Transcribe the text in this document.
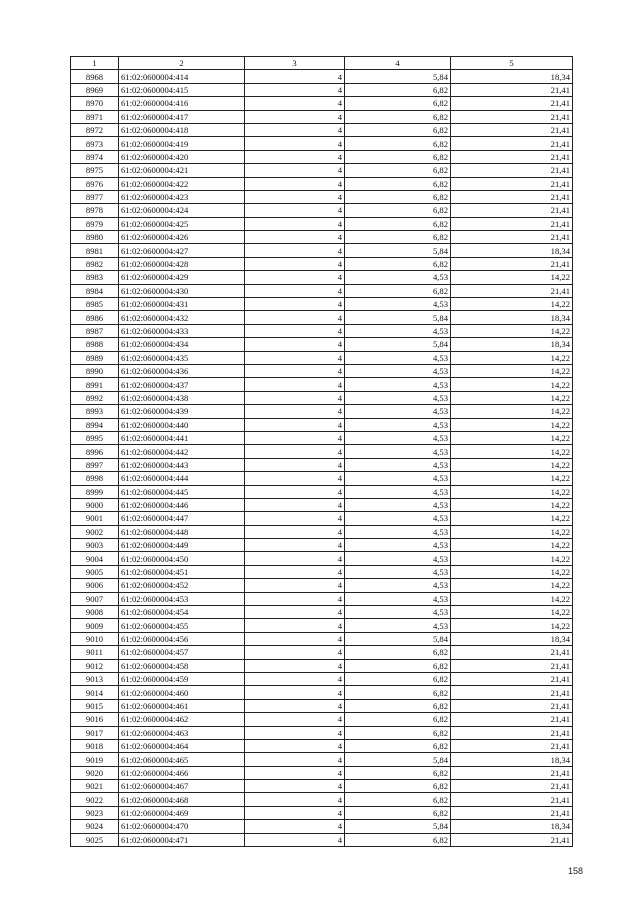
1	2	3	4	5
8968	61:02:0600004:414	4	5,84	18,34
8969	61:02:0600004:415	4	6,82	21,41
8970	61:02:0600004:416	4	6,82	21,41
8971	61:02:0600004:417	4	6,82	21,41
8972	61:02:0600004:418	4	6,82	21,41
8973	61:02:0600004:419	4	6,82	21,41
8974	61:02:0600004:420	4	6,82	21,41
8975	61:02:0600004:421	4	6,82	21,41
8976	61:02:0600004:422	4	6,82	21,41
8977	61:02:0600004:423	4	6,82	21,41
8978	61:02:0600004:424	4	6,82	21,41
8979	61:02:0600004:425	4	6,82	21,41
8980	61:02:0600004:426	4	6,82	21,41
8981	61:02:0600004:427	4	5,84	18,34
8982	61:02:0600004:428	4	6,82	21,41
8983	61:02:0600004:429	4	4,53	14,22
8984	61:02:0600004:430	4	6,82	21,41
8985	61:02:0600004:431	4	4,53	14,22
8986	61:02:0600004:432	4	5,84	18,34
8987	61:02:0600004:433	4	4,53	14,22
8988	61:02:0600004:434	4	5,84	18,34
8989	61:02:0600004:435	4	4,53	14,22
8990	61:02:0600004:436	4	4,53	14,22
8991	61:02:0600004:437	4	4,53	14,22
8992	61:02:0600004:438	4	4,53	14,22
8993	61:02:0600004:439	4	4,53	14,22
8994	61:02:0600004:440	4	4,53	14,22
8995	61:02:0600004:441	4	4,53	14,22
8996	61:02:0600004:442	4	4,53	14,22
8997	61:02:0600004:443	4	4,53	14,22
8998	61:02:0600004:444	4	4,53	14,22
8999	61:02:0600004:445	4	4,53	14,22
9000	61:02:0600004:446	4	4,53	14,22
9001	61:02:0600004:447	4	4,53	14,22
9002	61:02:0600004:448	4	4,53	14,22
9003	61:02:0600004:449	4	4,53	14,22
9004	61:02:0600004:450	4	4,53	14,22
9005	61:02:0600004:451	4	4,53	14,22
9006	61:02:0600004:452	4	4,53	14,22
9007	61:02:0600004:453	4	4,53	14,22
9008	61:02:0600004:454	4	4,53	14,22
9009	61:02:0600004:455	4	4,53	14,22
9010	61:02:0600004:456	4	5,84	18,34
9011	61:02:0600004:457	4	6,82	21,41
9012	61:02:0600004:458	4	6,82	21,41
9013	61:02:0600004:459	4	6,82	21,41
9014	61:02:0600004:460	4	6,82	21,41
9015	61:02:0600004:461	4	6,82	21,41
9016	61:02:0600004:462	4	6,82	21,41
9017	61:02:0600004:463	4	6,82	21,41
9018	61:02:0600004:464	4	6,82	21,41
9019	61:02:0600004:465	4	5,84	18,34
9020	61:02:0600004:466	4	6,82	21,41
9021	61:02:0600004:467	4	6,82	21,41
9022	61:02:0600004:468	4	6,82	21,41
9023	61:02:0600004:469	4	6,82	21,41
9024	61:02:0600004:470	4	5,84	18,34
9025	61:02:0600004:471	4	6,82	21,41
158
